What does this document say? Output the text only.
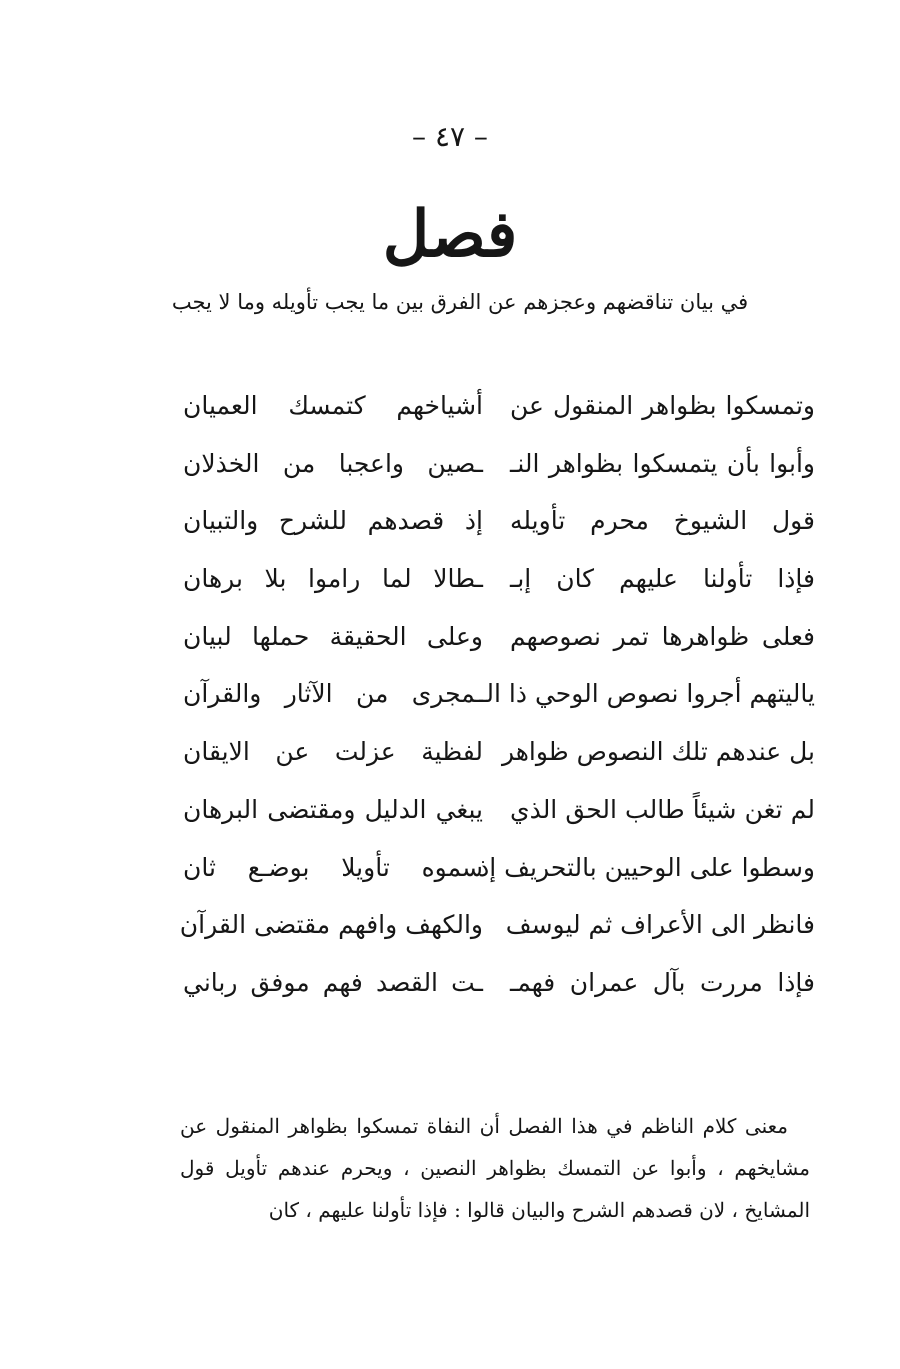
– ٤٧ –
فصل
في بيان تناقضهم وعجزهم عن الفرق بين ما يجب تأويله وما لا يجب
وتمسكوا بظواهر المنقول عن
أشياخهم كتمسك العميان
وأبوا بأن يتمسكوا بظواهر النـ
ـصين واعجبا من الخذلان
قول الشيوخ محرم تأويله
إذ قصدهم للشرح والتبيان
فإذا تأولنا عليهم كان إبـ
ـطالا لما راموا بلا برهان
فعلى ظواهرها تمر نصوصهم
وعلى الحقيقة حملها لبيان
ياليتهم أجروا نصوص الوحي ذا الـ
ـمجرى من الآثار والقرآن
بل عندهم تلك النصوص ظواهر
لفظية عزلت عن الايقان
لم تغن شيئاً طالب الحق الذي
يبغي الدليل ومقتضى البرهان
وسطوا على الوحيين بالتحريف إذ
سموه تأويلا بوضـع ثان
فانظر الى الأعراف ثم ليوسف
والكهف وافهم مقتضى القرآن
فإذا مررت بآل عمران فهمـ
ـت القصد فهم موفق رباني

معنى كلام الناظم في هذا الفصل أن النفاة تمسكوا بظواهر المنقول عن مشايخهم ، وأبوا عن التمسك بظواهر النصين ، ويحرم عندهم تأويل قول المشايخ ، لان قصدهم الشرح والبيان قالوا : فإذا تأولنا عليهم ، كان
